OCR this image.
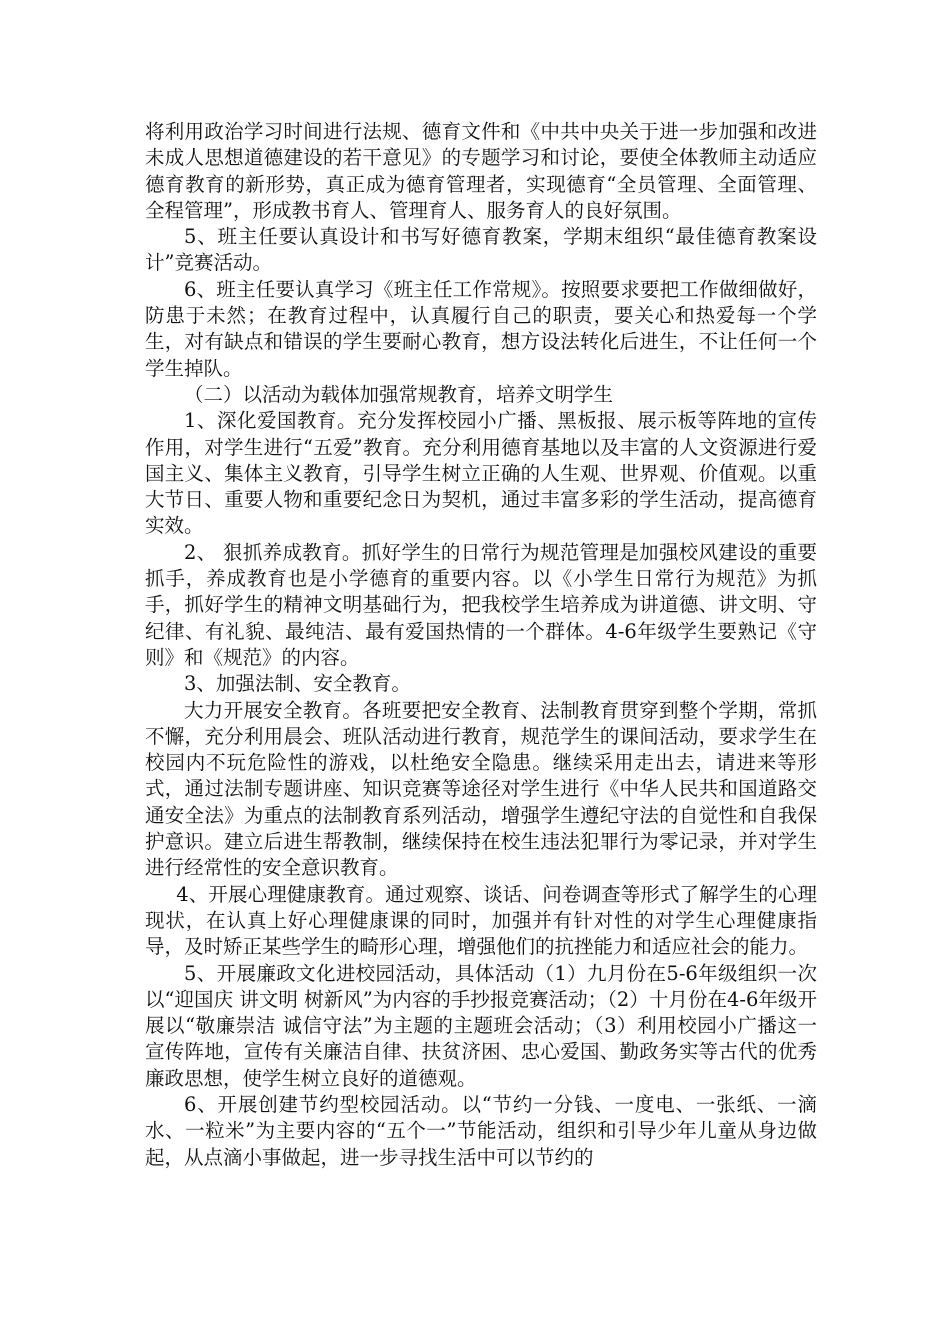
将利用政治学习时间进行法规、德育文件和《中共中央关于进一步加强和改进未成人思想道德建设的若干意见》的专题学习和讨论，要使全体教师主动适应德育教育的新形势，真正成为德育管理者，实现德育“全员管理、全面管理、全程管理”，形成教书育人、管理育人、服务育人的良好氛围。

5、班主任要认真设计和书写好德育教案，学期末组织“最佳德育教案设计”竞赛活动。

6、班主任要认真学习《班主任工作常规》。按照要求要把工作做细做好，防患于未然；在教育过程中，认真履行自己的职责，要关心和热爱每一个学生，对有缺点和错误的学生要耐心教育，想方设法转化后进生，不让任何一个学生掉队。

（二）以活动为载体加强常规教育，培养文明学生

1、深化爱国教育。充分发挥校园小广播、黑板报、展示板等阵地的宣传作用，对学生进行“五爱”教育。充分利用德育基地以及丰富的人文资源进行爱国主义、集体主义教育，引导学生树立正确的人生观、世界观、价值观。以重大节日、重要人物和重要纪念日为契机，通过丰富多彩的学生活动，提高德育实效。

2、 狠抓养成教育。抓好学生的日常行为规范管理是加强校风建设的重要抓手，养成教育也是小学德育的重要内容。以《小学生日常行为规范》为抓手，抓好学生的精神文明基础行为，把我校学生培养成为讲道德、讲文明、守纪律、有礼貌、最纯洁、最有爱国热情的一个群体。4-6年级学生要熟记《守则》和《规范》的内容。

3、加强法制、安全教育。

大力开展安全教育。各班要把安全教育、法制教育贯穿到整个学期，常抓不懈，充分利用晨会、班队活动进行教育，规范学生的课间活动，要求学生在校园内不玩危险性的游戏，以杜绝安全隐患。继续采用走出去，请进来等形式，通过法制专题讲座、知识竞赛等途径对学生进行《中华人民共和国道路交通安全法》为重点的法制教育系列活动，增强学生遵纪守法的自觉性和自我保护意识。建立后进生帮教制，继续保持在校生违法犯罪行为零记录，并对学生进行经常性的安全意识教育。

4、开展心理健康教育。通过观察、谈话、问卷调查等形式了解学生的心理现状，在认真上好心理健康课的同时，加强并有针对性的对学生心理健康指导，及时矫正某些学生的畸形心理，增强他们的抗挫能力和适应社会的能力。

5、开展廉政文化进校园活动，具体活动（1）九月份在5-6年级组织一次以“迎国庆 讲文明 树新风”为内容的手抄报竞赛活动；（2）十月份在4-6年级开展以“敬廉崇洁 诚信守法”为主题的主题班会活动；（3）利用校园小广播这一宣传阵地，宣传有关廉洁自律、扶贫济困、忠心爱国、勤政务实等古代的优秀廉政思想，使学生树立良好的道德观。

6、开展创建节约型校园活动。以“节约一分钱、一度电、一张纸、一滴水、一粒米”为主要内容的“五个一”节能活动，组织和引导少年儿童从身边做起，从点滴小事做起，进一步寻找生活中可以节约的
